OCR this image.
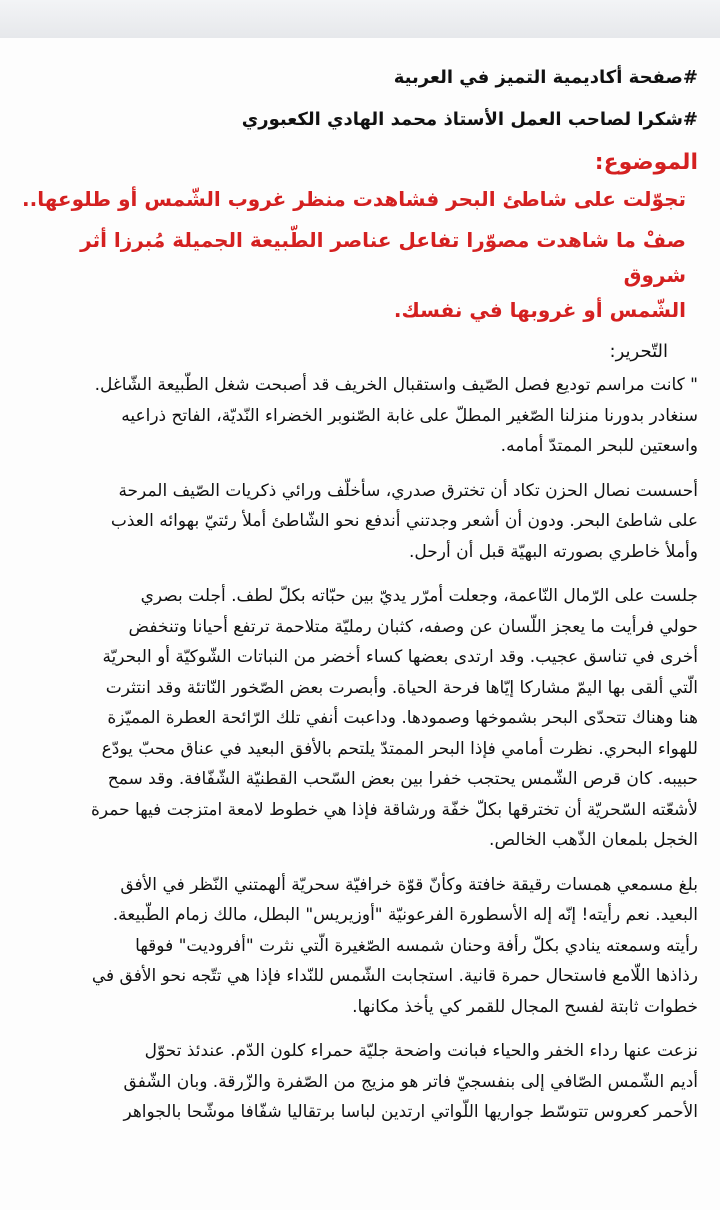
#صفحة أكاديمية التميز في العربية
#شكرا لصاحب العمل الأستاذ محمد الهادي الكعبوري
الموضوع:
تجوّلت على شاطئ البحر فشاهدت منظر غروب الشّمس أو طلوعها..
صفْ ما شاهدت مصوّرا تفاعل عناصر الطّبيعة الجميلة مُبرزا أثر شروق
الشّمس أو غروبها في نفسك.
التّحرير:
" كانت مراسم توديع فصل الصّيف واستقبال الخريف قد أصبحت شغل الطّبيعة الشّاغل.
سنغادر بدورنا منزلنا الصّغير المطلّ على غابة الصّنوبر الخضراء النّديّة، الفاتح ذراعيه
واسعتين للبحر الممتدّ أمامه.
أحسست نصال الحزن تكاد أن تخترق صدري، سأخلّف ورائي ذكريات الصّيف المرحة
على شاطئ البحر. ودون أن أشعر وجدتني أندفع نحو الشّاطئ أملأ رئتيّ بهوائه العذب
وأملأ خاطري بصورته البهيّة قبل أن أرحل.
جلست على الرّمال النّاعمة، وجعلت أمرّر يديّ بين حبّاته بكلّ لطف. أجلت بصري
حولي فرأيت ما يعجز اللّسان عن وصفه، كثبان رمليّة متلاحمة ترتفع أحيانا وتنخفض
أخرى في تناسق عجيب. وقد ارتدى بعضها كساء أخضر من النباتات الشّوكيّة أو البحريّة
الّتي ألقى بها اليمّ مشاركا إيّاها فرحة الحياة. وأبصرت بعض الصّخور النّاتئة وقد انتثرت
هنا وهناك تتحدّى البحر بشموخها وصمودها. وداعبت أنفي تلك الرّائحة العطرة المميّزة
للهواء البحري. نظرت أمامي فإذا البحر الممتدّ يلتحم بالأفق البعيد في عناق محبّ يودّع
حبيبه. كان قرص الشّمس يحتجب خفرا بين بعض السّحب القطنيّة الشّفّافة. وقد سمح
لأشعّته السّحريّة أن تخترقها بكلّ خفّة ورشاقة فإذا هي خطوط لامعة امتزجت فيها حمرة
الخجل بلمعان الذّهب الخالص.
بلغ مسمعي همسات رقيقة خافتة وكأنّ قوّة خرافيّة سحريّة ألهمتني النّظر في الأفق
البعيد. نعم رأيته! إنّه إله الأسطورة الفرعونيّة "أوزيريس" البطل، مالك زمام الطّبيعة.
رأيته وسمعته ينادي بكلّ رأفة وحنان شمسه الصّغيرة الّتي نثرت "أفروديت" فوقها
رذاذها اللّامع فاستحال حمرة قانية. استجابت الشّمس للنّداء فإذا هي تتّجه نحو الأفق في
خطوات ثابتة لفسح المجال للقمر كي يأخذ مكانها.
نزعت عنها رداء الخفر والحياء فبانت واضحة جليّة حمراء كلون الدّم. عندئذ تحوّل
أديم الشّمس الصّافي إلى بنفسجيّ فاتر هو مزيج من الصّفرة والزّرقة. وبان الشّفق
الأحمر كعروس تتوسّط جواريها اللّواتي ارتدين لباسا برتقاليا شفّافا موشّحا بالجواهر
